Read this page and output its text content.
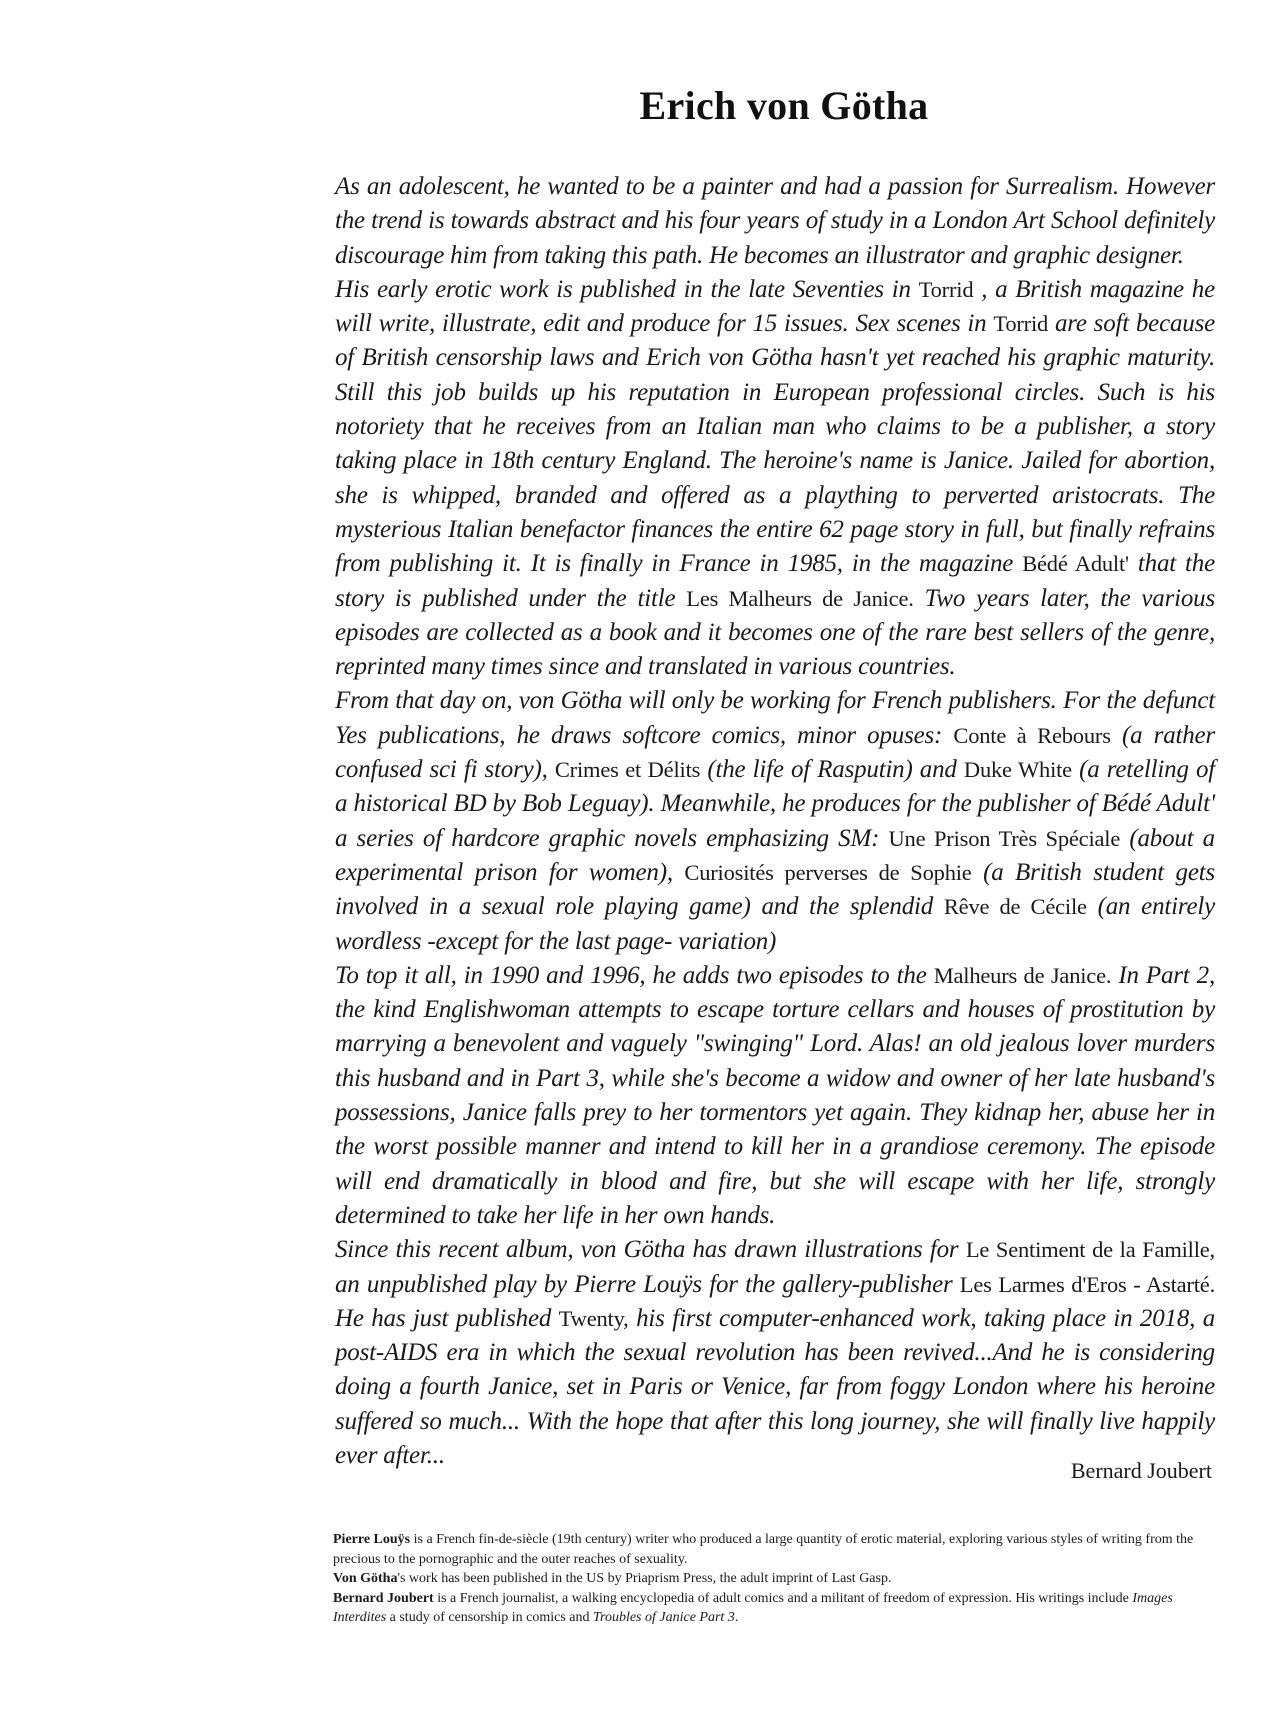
Erich von Götha

As an adolescent, he wanted to be a painter and had a passion for Surrealism. However the trend is towards abstract and his four years of study in a London Art School definitely discourage him from taking this path. He becomes an illustrator and graphic designer.

His early erotic work is published in the late Seventies in Torrid , a British magazine he will write, illustrate, edit and produce for 15 issues. Sex scenes in Torrid are soft because of British censorship laws and Erich von Götha hasn't yet reached his graphic maturity. Still this job builds up his reputation in European professional circles. Such is his notoriety that he receives from an Italian man who claims to be a publisher, a story taking place in 18th century England. The heroine's name is Janice. Jailed for abortion, she is whipped, branded and offered as a plaything to perverted aristocrats. The mysterious Italian benefactor finances the entire 62 page story in full, but finally refrains from publishing it. It is finally in France in 1985, in the magazine Bédé Adult' that the story is published under the title Les Malheurs de Janice. Two years later, the various episodes are collected as a book and it becomes one of the rare best sellers of the genre, reprinted many times since and translated in various countries.

From that day on, von Götha will only be working for French publishers. For the defunct Yes publications, he draws softcore comics, minor opuses: Conte à Rebours (a rather confused sci fi story), Crimes et Délits (the life of Rasputin) and Duke White (a retelling of a historical BD by Bob Leguay). Meanwhile, he produces for the publisher of Bédé Adult' a series of hardcore graphic novels emphasizing SM: Une Prison Très Spéciale (about a experimental prison for women), Curiosités perverses de Sophie (a British student gets involved in a sexual role playing game) and the splendid Rêve de Cécile (an entirely wordless -except for the last page- variation)

To top it all, in 1990 and 1996, he adds two episodes to the Malheurs de Janice. In Part 2, the kind Englishwoman attempts to escape torture cellars and houses of prostitution by marrying a benevolent and vaguely "swinging" Lord. Alas! an old jealous lover murders this husband and in Part 3, while she's become a widow and owner of her late husband's possessions, Janice falls prey to her tormentors yet again. They kidnap her, abuse her in the worst possible manner and intend to kill her in a grandiose ceremony. The episode will end dramatically in blood and fire, but she will escape with her life, strongly determined to take her life in her own hands.

Since this recent album, von Götha has drawn illustrations for Le Sentiment de la Famille, an unpublished play by Pierre Louÿs for the gallery-publisher Les Larmes d'Eros - Astarté. He has just published Twenty, his first computer-enhanced work, taking place in 2018, a post-AIDS era in which the sexual revolution has been revived...And he is considering doing a fourth Janice, set in Paris or Venice, far from foggy London where his heroine suffered so much... With the hope that after this long journey, she will finally live happily ever after...

Bernard Joubert

Pierre Louÿs is a French fin-de-siècle (19th century) writer who produced a large quantity of erotic material, exploring various styles of writing from the precious to the pornographic and the outer reaches of sexuality.

Von Götha's work has been published in the US by Priaprism Press, the adult imprint of Last Gasp.

Bernard Joubert is a French journalist, a walking encyclopedia of adult comics and a militant of freedom of expression. His writings include Images Interdites a study of censorship in comics and Troubles of Janice Part 3.
